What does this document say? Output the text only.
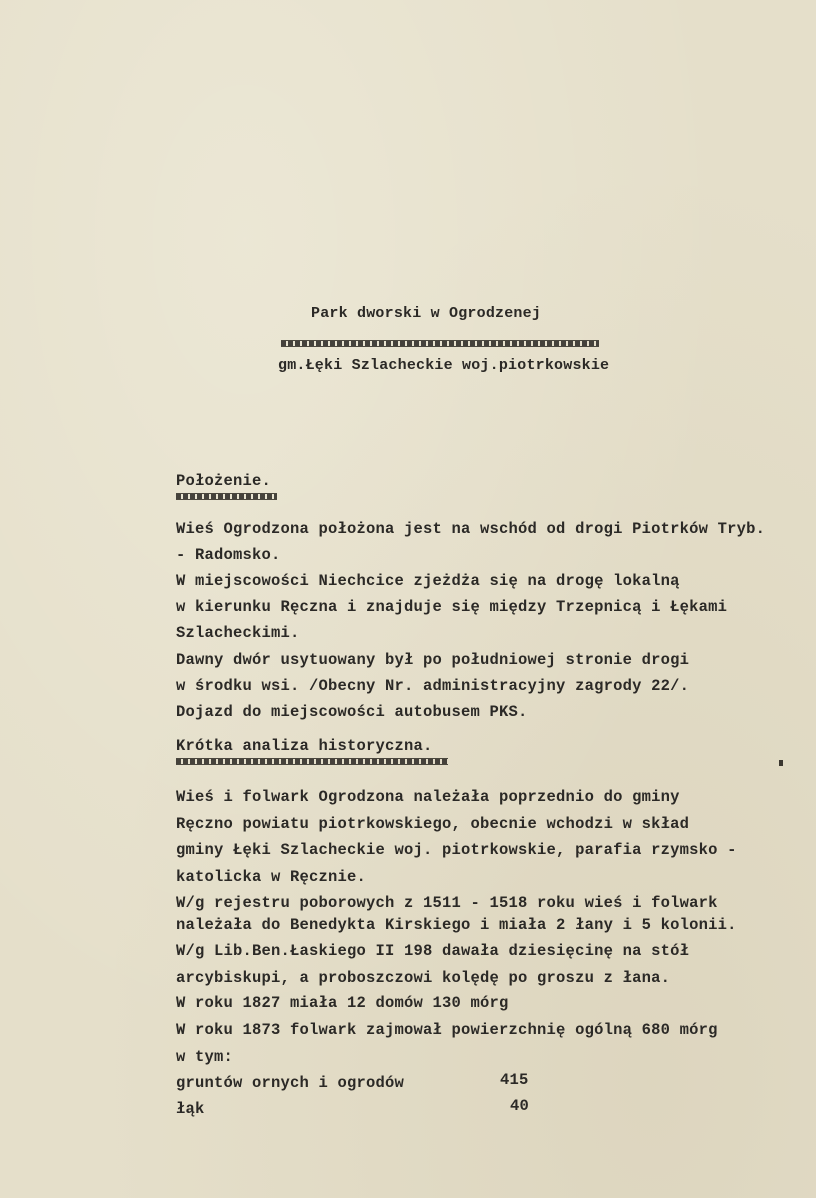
Park dworski w Ogrodzenej
gm.Łęki Szlacheckie woj.piotrkowskie
Położenie.
Wieś Ogrodzona położona jest na wschód od drogi Piotrków Tryb.
- Radomsko.
W miejscowości Niechcice zjeżdża się na drogę lokalną
w kierunku Ręczna i znajduje się między Trzepnicą i Łękami
Szlacheckimi.
Dawny dwór usytuowany był po południowej stronie drogi
w środku wsi. /Obecny Nr. administracyjny zagrody 22/.
Dojazd do miejscowości autobusem PKS.
Krótka analiza historyczna.
Wieś i folwark Ogrodzona należała poprzednio do gminy
Ręczno powiatu piotrkowskiego, obecnie wchodzi w skład
gminy Łęki Szlacheckie woj. piotrkowskie, parafia rzymsko -
katolicka w Ręcznie.
W/g rejestru poborowych z 1511 - 1518 roku wieś i folwark
należała do Benedykta Kirskiego i miała 2 łany i 5 kolonii.
W/g Lib.Ben.Łaskiego II 198 dawała dziesięcinę na stół
arcybiskupi, a proboszczowi kolędę po groszu z łana.
W roku 1827 miała 12 domów 130 mórg
W roku 1873 folwark zajmował powierzchnię ogólną 680 mórg
w tym:
gruntów ornych i ogrodów	415
łąk	40
